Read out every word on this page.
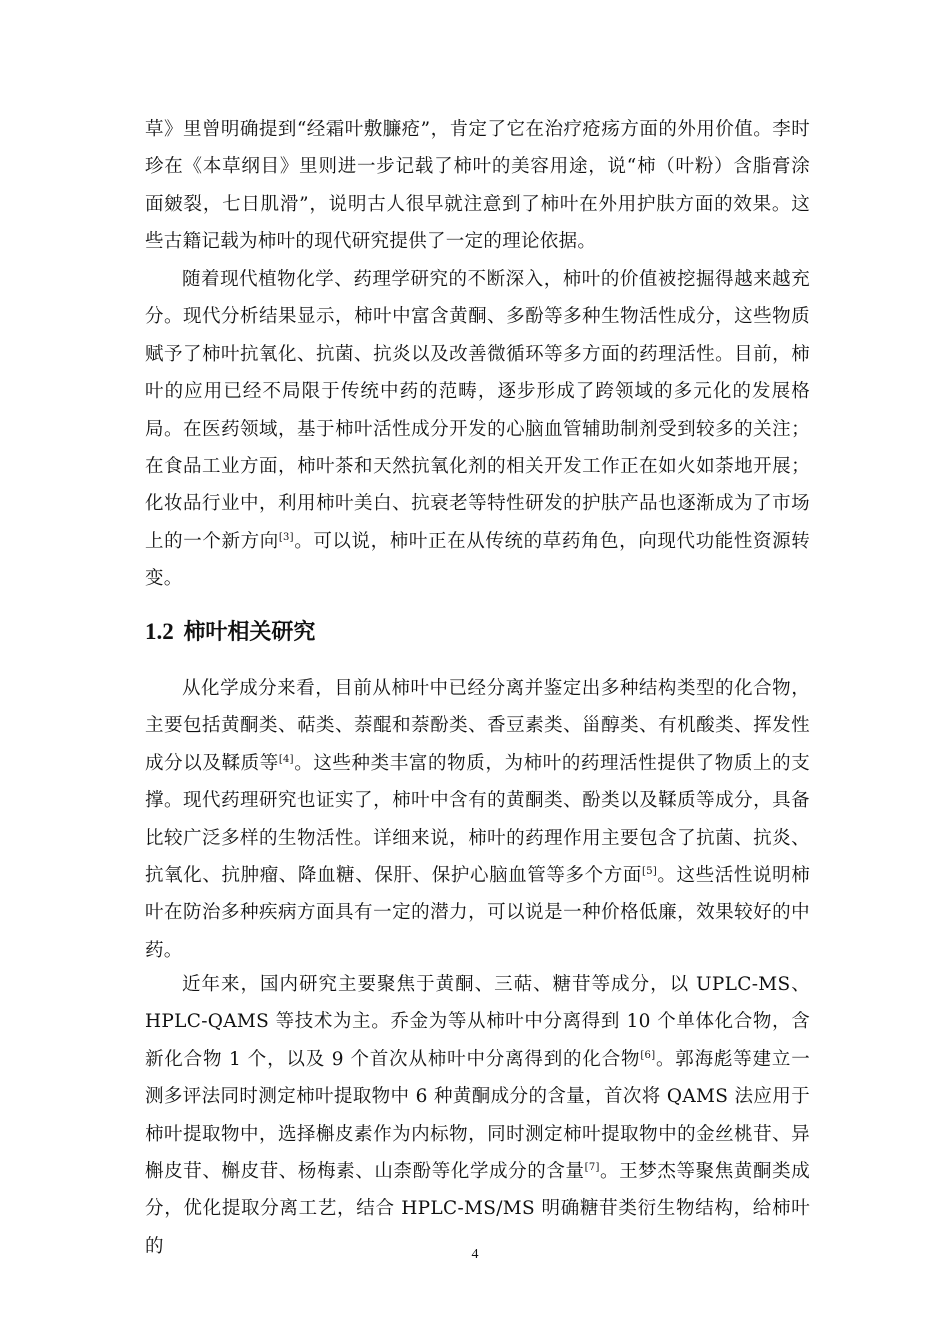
草》里曾明确提到“经霜叶敷臁疮”，肯定了它在治疗疮疡方面的外用价值。李时珍在《本草纲目》里则进一步记载了柿叶的美容用途，说“柿（叶粉）含脂膏涂面皴裂，七日肌滑”，说明古人很早就注意到了柿叶在外用护肤方面的效果。这些古籍记载为柿叶的现代研究提供了一定的理论依据。

随着现代植物化学、药理学研究的不断深入，柿叶的价值被挖掘得越来越充分。现代分析结果显示，柿叶中富含黄酮、多酚等多种生物活性成分，这些物质赋予了柿叶抗氧化、抗菌、抗炎以及改善微循环等多方面的药理活性。目前，柿叶的应用已经不局限于传统中药的范畴，逐步形成了跨领域的多元化的发展格局。在医药领域，基于柿叶活性成分开发的心脑血管辅助制剂受到较多的关注；在食品工业方面，柿叶茶和天然抗氧化剂的相关开发工作正在如火如荼地开展；化妆品行业中，利用柿叶美白、抗衰老等特性研发的护肤产品也逐渐成为了市场上的一个新方向[3]。可以说，柿叶正在从传统的草药角色，向现代功能性资源转变。

1.2 柿叶相关研究

从化学成分来看，目前从柿叶中已经分离并鉴定出多种结构类型的化合物，主要包括黄酮类、萜类、萘醌和萘酚类、香豆素类、甾醇类、有机酸类、挥发性成分以及鞣质等[4]。这些种类丰富的物质，为柿叶的药理活性提供了物质上的支撑。现代药理研究也证实了，柿叶中含有的黄酮类、酚类以及鞣质等成分，具备比较广泛多样的生物活性。详细来说，柿叶的药理作用主要包含了抗菌、抗炎、抗氧化、抗肿瘤、降血糖、保肝、保护心脑血管等多个方面[5]。这些活性说明柿叶在防治多种疾病方面具有一定的潜力，可以说是一种价格低廉，效果较好的中药。

近年来，国内研究主要聚焦于黄酮、三萜、糖苷等成分，以 UPLC-MS、HPLC-QAMS 等技术为主。乔金为等从柿叶中分离得到 10 个单体化合物，含新化合物 1 个，以及 9 个首次从柿叶中分离得到的化合物[6]。郭海彪等建立一测多评法同时测定柿叶提取物中 6 种黄酮成分的含量，首次将 QAMS 法应用于柿叶提取物中，选择槲皮素作为内标物，同时测定柿叶提取物中的金丝桃苷、异槲皮苷、槲皮苷、杨梅素、山柰酚等化学成分的含量[7]。王梦杰等聚焦黄酮类成分，优化提取分离工艺，结合 HPLC-MS/MS 明确糖苷类衍生物结构，给柿叶的	4
